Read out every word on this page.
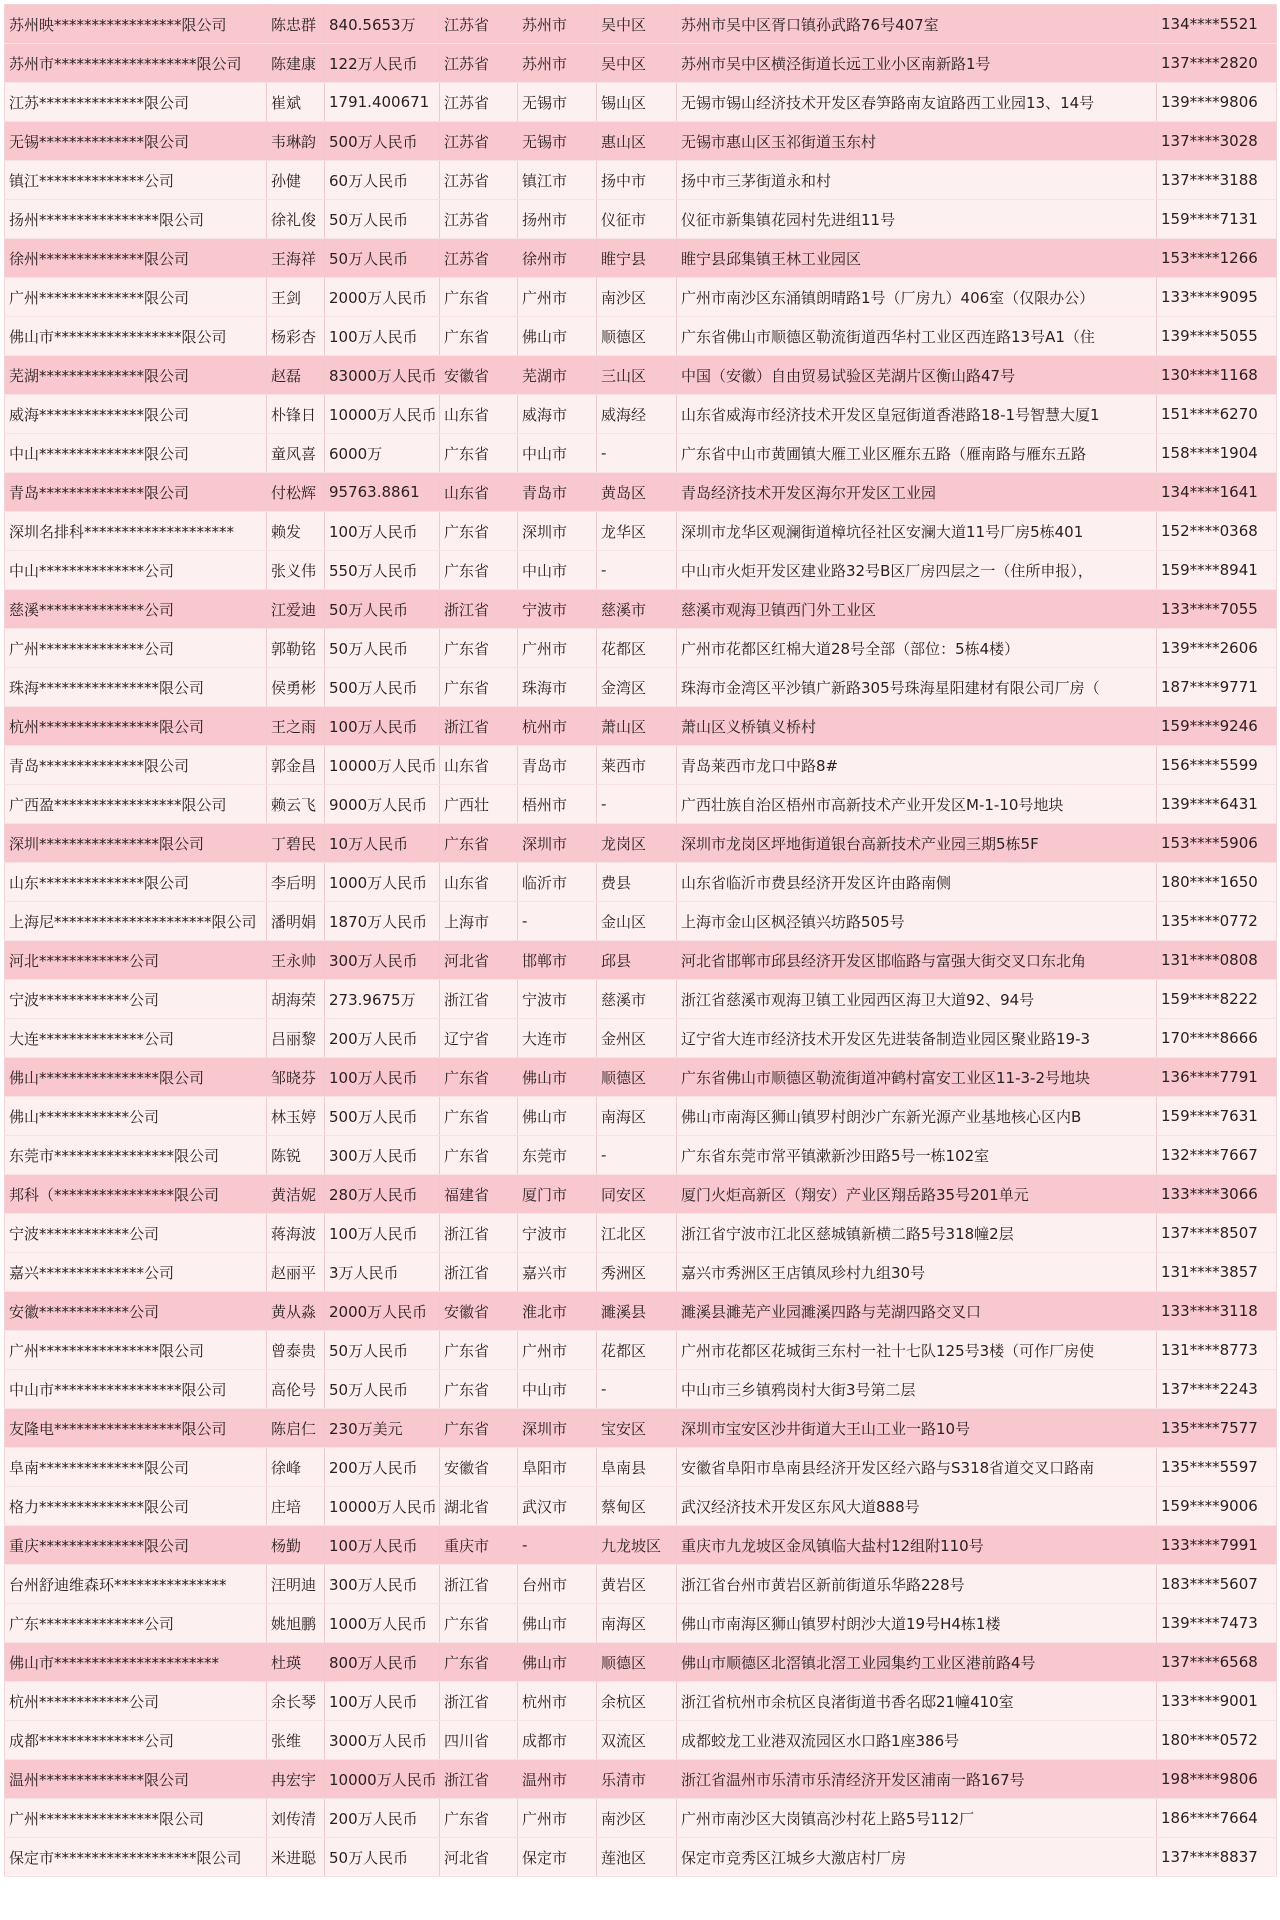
苏州映*****************限公司	陈忠群	840.5653万	江苏省	苏州市	吴中区	苏州市吴中区胥口镇孙武路76号407室	134****5521
苏州市*******************限公司	陈建康	122万人民币	江苏省	苏州市	吴中区	苏州市吴中区横泾街道长远工业小区南新路1号	137****2820
江苏**************限公司	崔斌	1791.400671	江苏省	无锡市	锡山区	无锡市锡山经济技术开发区春笋路南友谊路西工业园13、14号	139****9806
无锡**************限公司	韦琳韵	500万人民币	江苏省	无锡市	惠山区	无锡市惠山区玉祁街道玉东村	137****3028
镇江**************公司	孙健	60万人民币	江苏省	镇江市	扬中市	扬中市三茅街道永和村	137****3188
扬州****************限公司	徐礼俊	50万人民币	江苏省	扬州市	仪征市	仪征市新集镇花园村先进组11号	159****7131
徐州**************限公司	王海祥	50万人民币	江苏省	徐州市	睢宁县	睢宁县邱集镇王林工业园区	153****1266
广州**************限公司	王剑	2000万人民币	广东省	广州市	南沙区	广州市南沙区东涌镇朗晴路1号（厂房九）406室（仅限办公）	133****9095
佛山市*****************限公司	杨彩杏	100万人民币	广东省	佛山市	顺德区	广东省佛山市顺德区勒流街道西华村工业区西连路13号A1（住	139****5055
芜湖**************限公司	赵磊	83000万人民币	安徽省	芜湖市	三山区	中国（安徽）自由贸易试验区芜湖片区衡山路47号	130****1168
威海**************限公司	朴锋日	10000万人民币	山东省	威海市	威海经	山东省威海市经济技术开发区皇冠街道香港路18-1号智慧大厦1	151****6270
中山**************限公司	童风喜	6000万	广东省	中山市	-	广东省中山市黄圃镇大雁工业区雁东五路（雁南路与雁东五路	158****1904
青岛**************限公司	付松辉	95763.8861	山东省	青岛市	黄岛区	青岛经济技术开发区海尔开发区工业园	134****1641
深圳名排科********************	赖发	100万人民币	广东省	深圳市	龙华区	深圳市龙华区观澜街道樟坑径社区安澜大道11号厂房5栋401	152****0368
中山**************公司	张义伟	550万人民币	广东省	中山市	-	中山市火炬开发区建业路32号B区厂房四层之一（住所申报），	159****8941
慈溪**************公司	江爱迪	50万人民币	浙江省	宁波市	慈溪市	慈溪市观海卫镇西门外工业区	133****7055
广州**************公司	郭勒铭	50万人民币	广东省	广州市	花都区	广州市花都区红棉大道28号全部（部位：5栋4楼）	139****2606
珠海****************限公司	侯勇彬	500万人民币	广东省	珠海市	金湾区	珠海市金湾区平沙镇广新路305号珠海星阳建材有限公司厂房（	187****9771
杭州****************限公司	王之雨	100万人民币	浙江省	杭州市	萧山区	萧山区义桥镇义桥村	159****9246
青岛**************限公司	郭金昌	10000万人民币	山东省	青岛市	莱西市	青岛莱西市龙口中路8#	156****5599
广西盈*****************限公司	赖云飞	9000万人民币	广西壮	梧州市	-	广西壮族自治区梧州市高新技术产业开发区M-1-10号地块	139****6431
深圳****************限公司	丁碧民	10万人民币	广东省	深圳市	龙岗区	深圳市龙岗区坪地街道银台高新技术产业园三期5栋5F	153****5906
山东**************限公司	李后明	1000万人民币	山东省	临沂市	费县	山东省临沂市费县经济开发区许由路南侧	180****1650
上海尼*********************限公司	潘明娟	1870万人民币	上海市	-	金山区	上海市金山区枫泾镇兴坊路505号	135****0772
河北************公司	王永帅	300万人民币	河北省	邯郸市	邱县	河北省邯郸市邱县经济开发区邯临路与富强大街交叉口东北角	131****0808
宁波************公司	胡海荣	273.9675万	浙江省	宁波市	慈溪市	浙江省慈溪市观海卫镇工业园西区海卫大道92、94号	159****8222
大连**************公司	吕丽黎	200万人民币	辽宁省	大连市	金州区	辽宁省大连市经济技术开发区先进装备制造业园区聚业路19-3	170****8666
佛山****************限公司	邹晓芬	100万人民币	广东省	佛山市	顺德区	广东省佛山市顺德区勒流街道冲鹤村富安工业区11-3-2号地块	136****7791
佛山************公司	林玉婷	500万人民币	广东省	佛山市	南海区	佛山市南海区狮山镇罗村朗沙广东新光源产业基地核心区内B	159****7631
东莞市****************限公司	陈锐	300万人民币	广东省	东莞市	-	广东省东莞市常平镇漱新沙田路5号一栋102室	132****7667
邦科（****************限公司	黄洁妮	280万人民币	福建省	厦门市	同安区	厦门火炬高新区（翔安）产业区翔岳路35号201单元	133****3066
宁波************公司	蒋海波	100万人民币	浙江省	宁波市	江北区	浙江省宁波市江北区慈城镇新横二路5号318幢2层	137****8507
嘉兴**************公司	赵丽平	3万人民币	浙江省	嘉兴市	秀洲区	嘉兴市秀洲区王店镇凤珍村九组30号	131****3857
安徽************公司	黄从淼	2000万人民币	安徽省	淮北市	濉溪县	濉溪县濉芜产业园濉溪四路与芜湖四路交叉口	133****3118
广州****************限公司	曾泰贵	50万人民币	广东省	广州市	花都区	广州市花都区花城街三东村一社十七队125号3楼（可作厂房使	131****8773
中山市*****************限公司	高伦号	50万人民币	广东省	中山市	-	中山市三乡镇鸦岗村大街3号第二层	137****2243
友隆电*****************限公司	陈启仁	230万美元	广东省	深圳市	宝安区	深圳市宝安区沙井街道大王山工业一路10号	135****7577
阜南**************限公司	徐峰	200万人民币	安徽省	阜阳市	阜南县	安徽省阜阳市阜南县经济开发区经六路与S318省道交叉口路南	135****5597
格力**************限公司	庄培	10000万人民币	湖北省	武汉市	蔡甸区	武汉经济技术开发区东风大道888号	159****9006
重庆**************限公司	杨勤	100万人民币	重庆市	-	九龙坡区	重庆市九龙坡区金凤镇临大盐村12组附110号	133****7991
台州舒迪维森环***************	汪明迪	300万人民币	浙江省	台州市	黄岩区	浙江省台州市黄岩区新前街道乐华路228号	183****5607
广东**************公司	姚旭鹏	1000万人民币	广东省	佛山市	南海区	佛山市南海区狮山镇罗村朗沙大道19号H4栋1楼	139****7473
佛山市**********************	杜瑛	800万人民币	广东省	佛山市	顺德区	佛山市顺德区北滘镇北滘工业园集约工业区港前路4号	137****6568
杭州************公司	余长琴	100万人民币	浙江省	杭州市	余杭区	浙江省杭州市余杭区良渚街道书香名邸21幢410室	133****9001
成都**************公司	张维	3000万人民币	四川省	成都市	双流区	成都蛟龙工业港双流园区水口路1座386号	180****0572
温州**************限公司	冉宏宇	10000万人民币	浙江省	温州市	乐清市	浙江省温州市乐清市乐清经济开发区浦南一路167号	198****9806
广州****************限公司	刘传清	200万人民币	广东省	广州市	南沙区	广州市南沙区大岗镇高沙村花上路5号112厂	186****7664
保定市*******************限公司	米进聪	50万人民币	河北省	保定市	莲池区	保定市竞秀区江城乡大激店村厂房	137****8837
